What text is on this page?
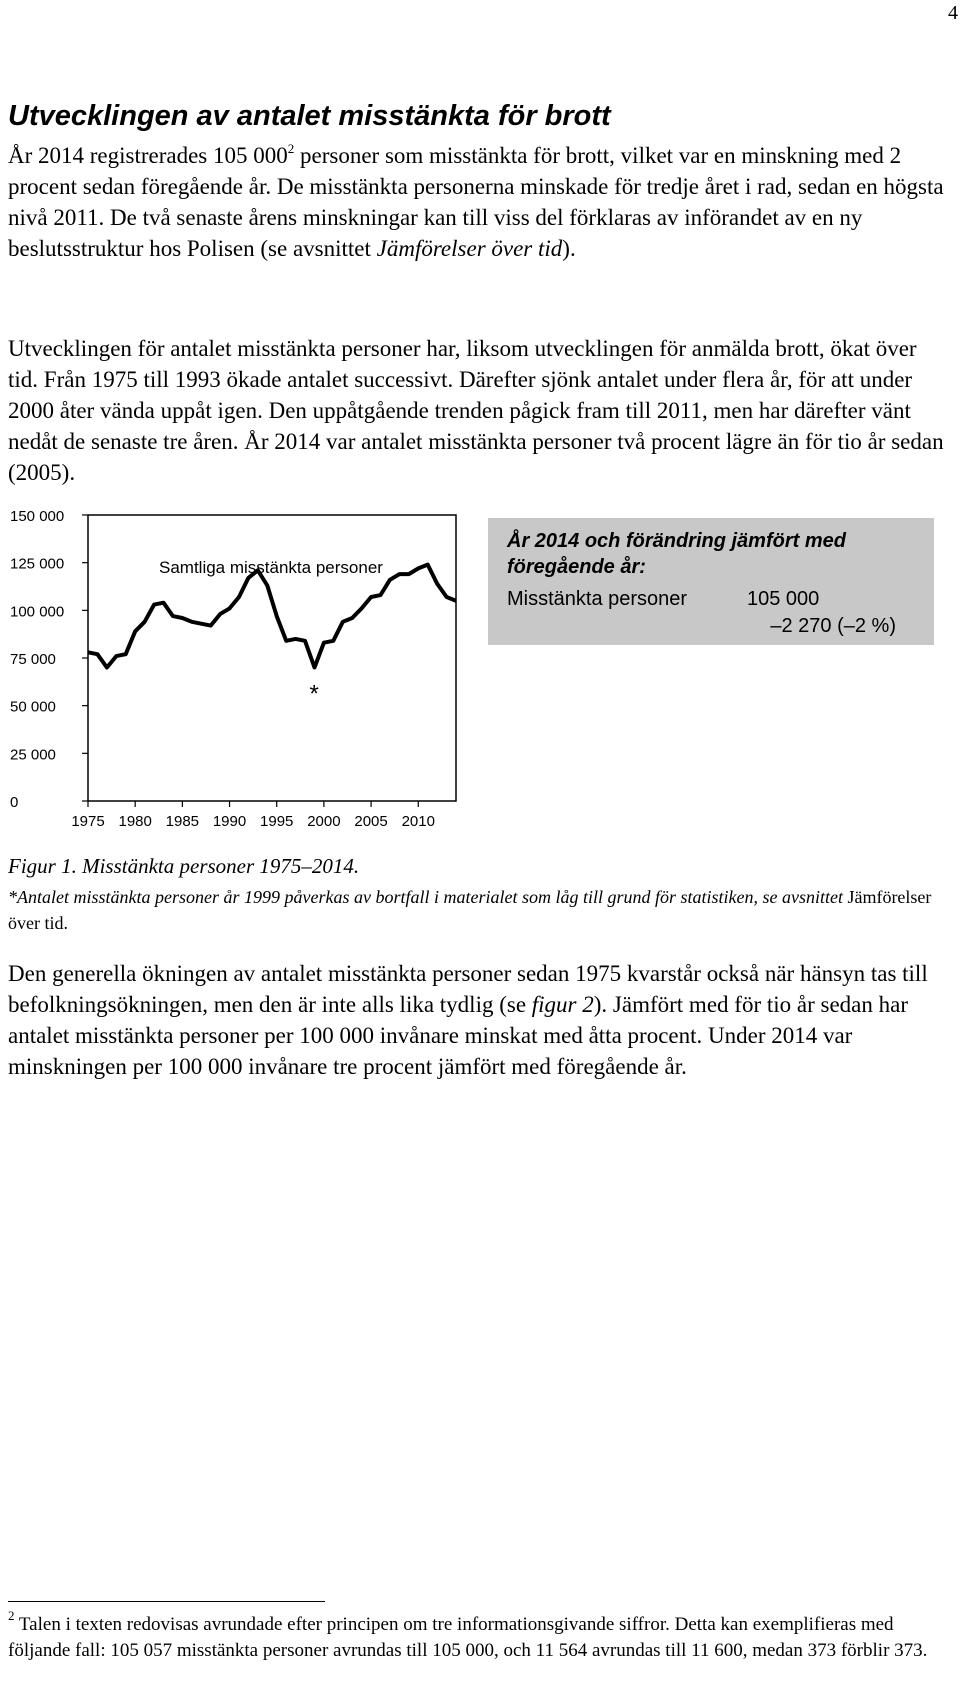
4
Utvecklingen av antalet misstänkta för brott
År 2014 registrerades 105 $000^2$ personer som misstänkta för brott, vilket var en minskning med 2 procent sedan föregående år. De misstänkta personerna minskade för tredje året i rad, sedan en högsta nivå 2011. De två senaste årens minskningar kan till viss del förklaras av införandet av en ny beslutsstruktur hos Polisen (se avsnittet Jämförelser över tid).
Utvecklingen för antalet misstänkta personer har, liksom utvecklingen för anmälda brott, ökat över tid. Från 1975 till 1993 ökade antalet successivt. Därefter sjönk antalet under flera år, för att under 2000 åter vända uppåt igen. Den uppåtgående trenden pågick fram till 2011, men har därefter vänt nedåt de senaste tre åren. År 2014 var antalet misstänkta personer två procent lägre än för tio år sedan (2005).
150 000
125 000
100 000
75 000
50 000
25 000
0
1975 1980 1985 1990 1995 2000 2005 2010
Samtliga misstänkta personer
*
År 2014 och förändring jämfört med föregående år:
Misstänkta personer	105 000
–2 270 (–2 %)
Figur 1. Misstänkta personer 1975–2014.
*Antalet misstänkta personer år 1999 påverkas av bortfall i materialet som låg till grund för statistiken, se avsnittet Jämförelser över tid.
Den generella ökningen av antalet misstänkta personer sedan 1975 kvarstår också när hänsyn tas till befolkningsökningen, men den är inte alls lika tydlig (se figur 2). Jämfört med för tio år sedan har antalet misstänkta personer per 100 000 invånare minskat med åtta procent. Under 2014 var minskningen per 100 000 invånare tre procent jämfört med föregående år.
$^2$ Talen i texten redovisas avrundade efter principen om tre informationsgivande siffror. Detta kan exemplifieras med följande fall: 105 057 misstänkta personer avrundas till 105 000, och 11 564 avrundas till 11 600, medan 373 förblir 373.
